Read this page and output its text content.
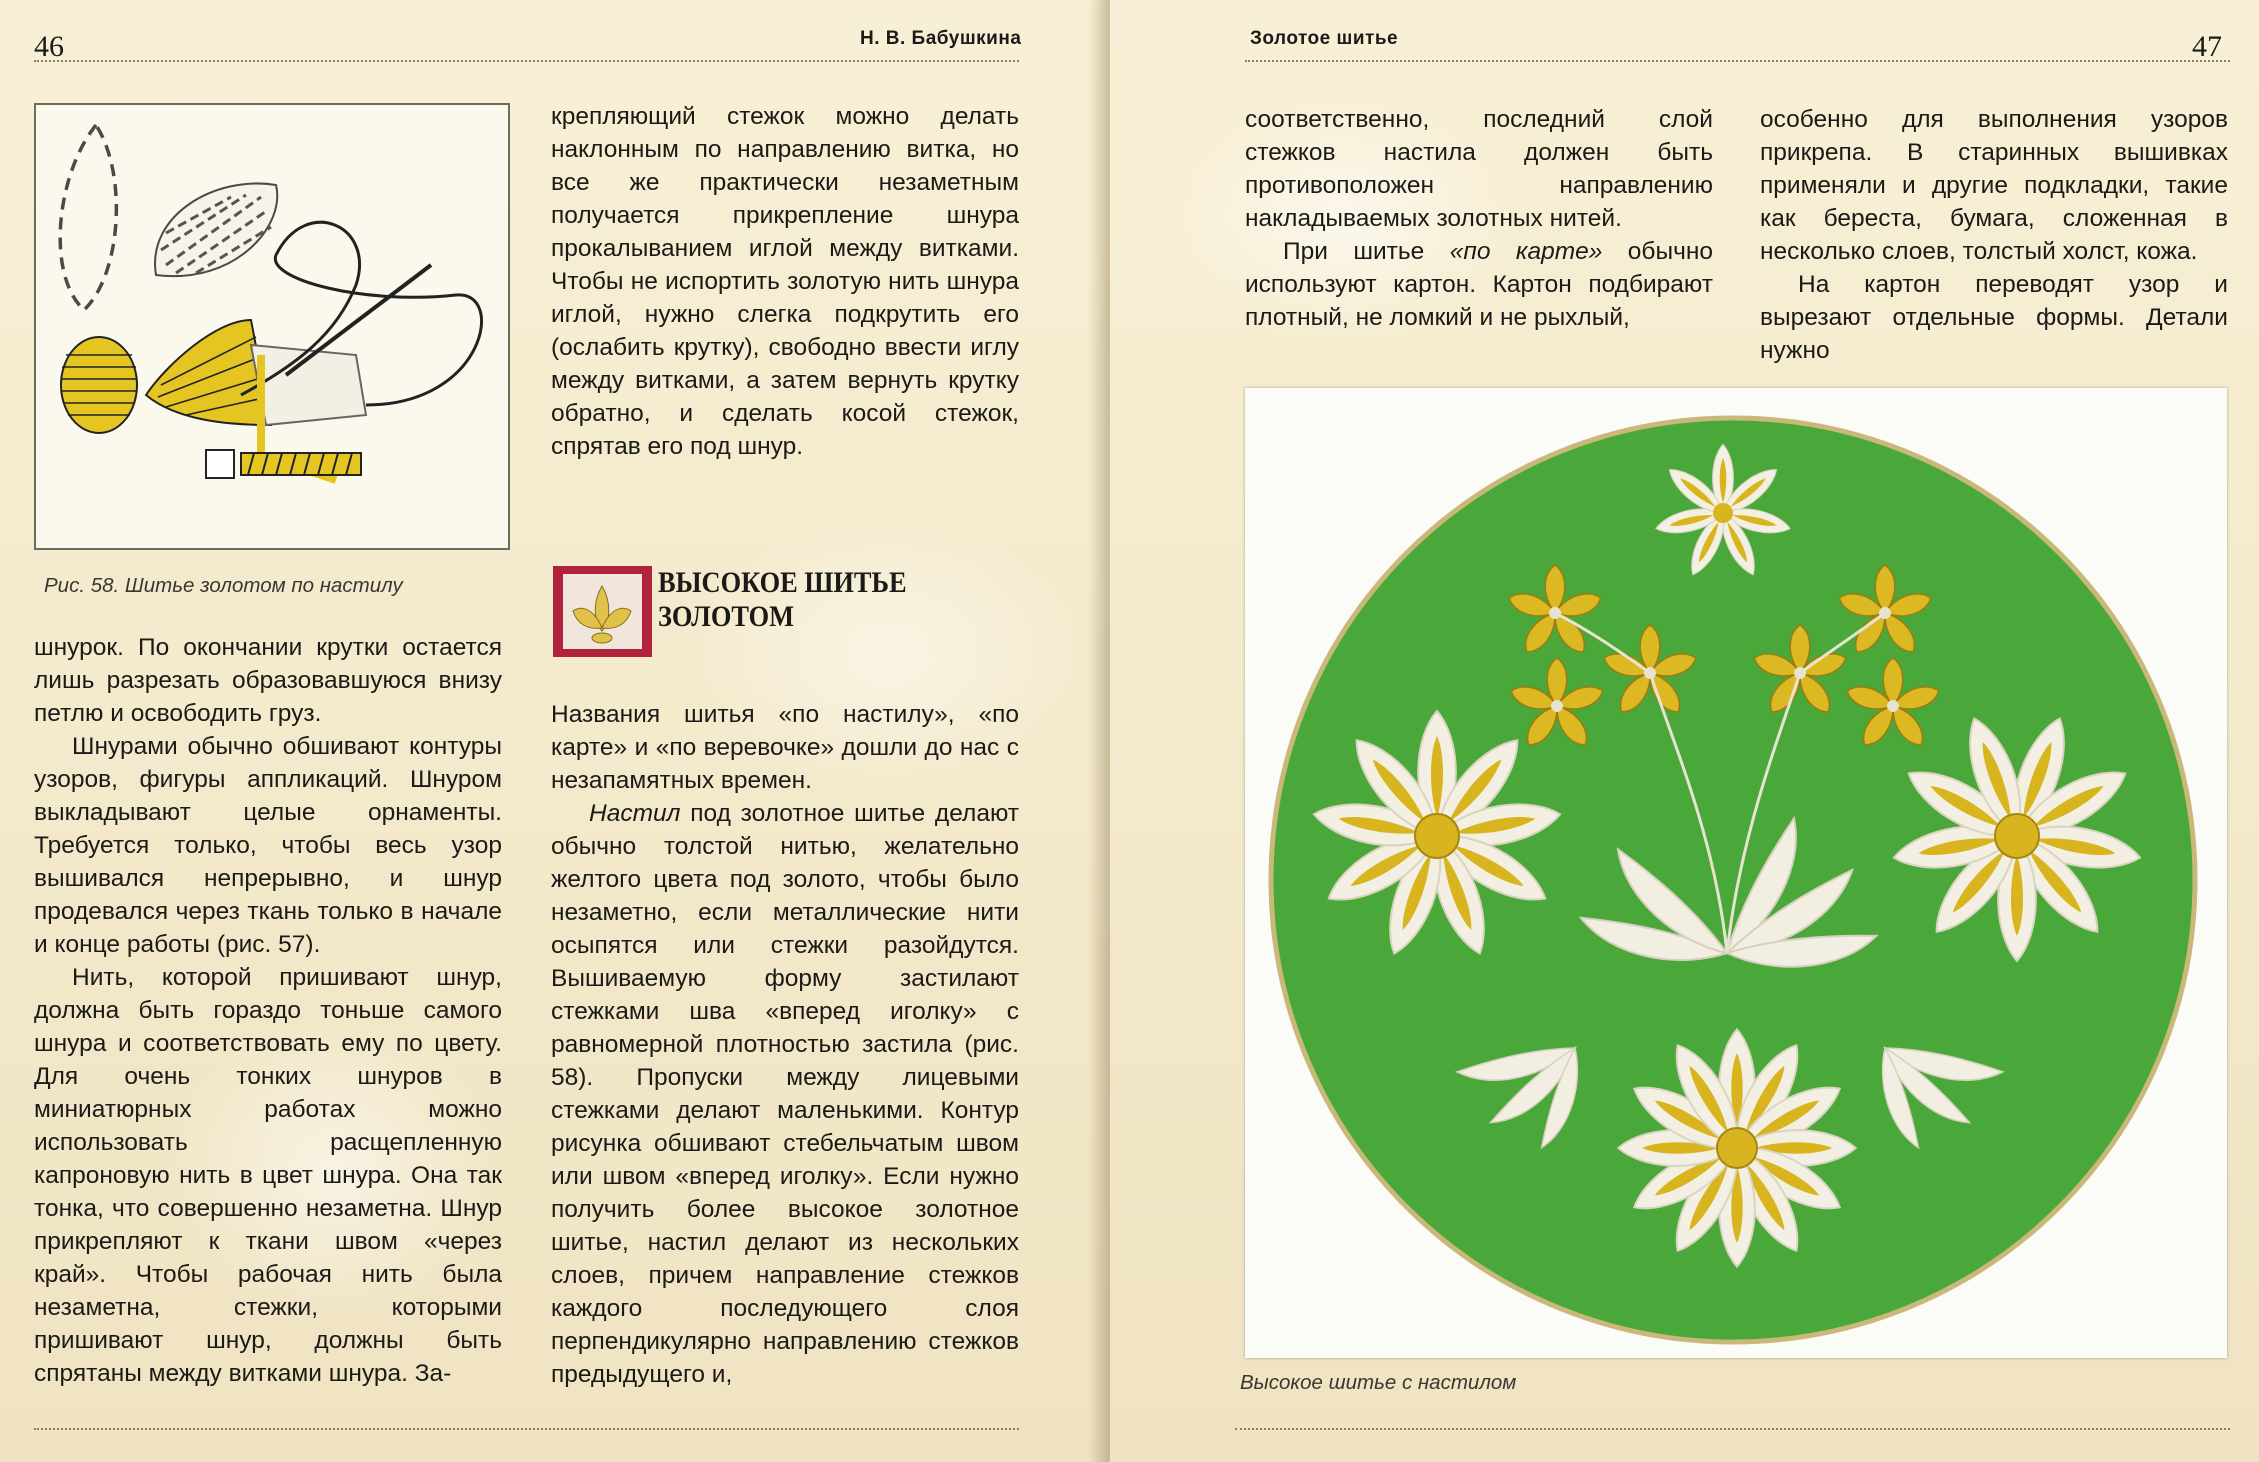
46	Н. В. Бабушкина
Рис. 58. Шитье золотом по настилу

шнурок. По окончании крутки остается лишь разрезать образовавшуюся внизу петлю и освободить груз.

Шнурами обычно обшивают контуры узоров, фигуры аппликаций. Шнуром выкладывают целые орнаменты. Требуется только, чтобы весь узор вышивался непрерывно, и шнур продевался через ткань только в начале и конце работы (рис. 57).

Нить, которой пришивают шнур, должна быть гораздо тоньше самого шнура и соответствовать ему по цвету. Для очень тонких шнуров в миниатюрных работах можно использовать расщепленную капроновую нить в цвет шнура. Она так тонка, что совершенно незаметна. Шнур прикрепляют к ткани швом «через край». Чтобы рабочая нить была незаметна, стежки, которыми пришивают шнур, должны быть спрятаны между витками шнура. За-

крепляющий стежок можно делать наклонным по направлению витка, но все же практически незаметным получается прикрепление шнура прокалыванием иглой между витками. Чтобы не испортить золотую нить шнура иглой, нужно слегка подкрутить его (ослабить крутку), свободно ввести иглу между витками, а затем вернуть крутку обратно, и сделать косой стежок, спрятав его под шнур.

ВЫСОКОЕ ШИТЬЕ
ЗОЛОТОМ

Названия шитья «по настилу», «по карте» и «по веревочке» дошли до нас с незапамятных времен.

Настил под золотное шитье делают обычно толстой нитью, желательно желтого цвета под золото, чтобы было незаметно, если металлические нити осыпятся или стежки разойдутся. Вышиваемую форму застилают стежками шва «вперед иголку» с равномерной плотностью застила (рис. 58). Пропуски между лицевыми стежками делают маленькими. Контур рисунка обшивают стебельчатым швом или швом «вперед иголку». Если нужно получить более высокое золотное шитье, настил делают из нескольких слоев, причем направление стежков каждого последующего слоя перпендикулярно направлению стежков предыдущего и,

Золотое шитье	47

соответственно, последний слой стежков настила должен быть противоположен направлению накладываемых золотных нитей.

При шитье «по карте» обычно используют картон. Картон подбирают плотный, не ломкий и не рыхлый,

особенно для выполнения узоров прикрепа. В старинных вышивках применяли и другие подкладки, такие как береста, бумага, сложенная в несколько слоев, толстый холст, кожа.

На картон переводят узор и вырезают отдельные формы. Детали нужно

Высокое шитье с настилом
